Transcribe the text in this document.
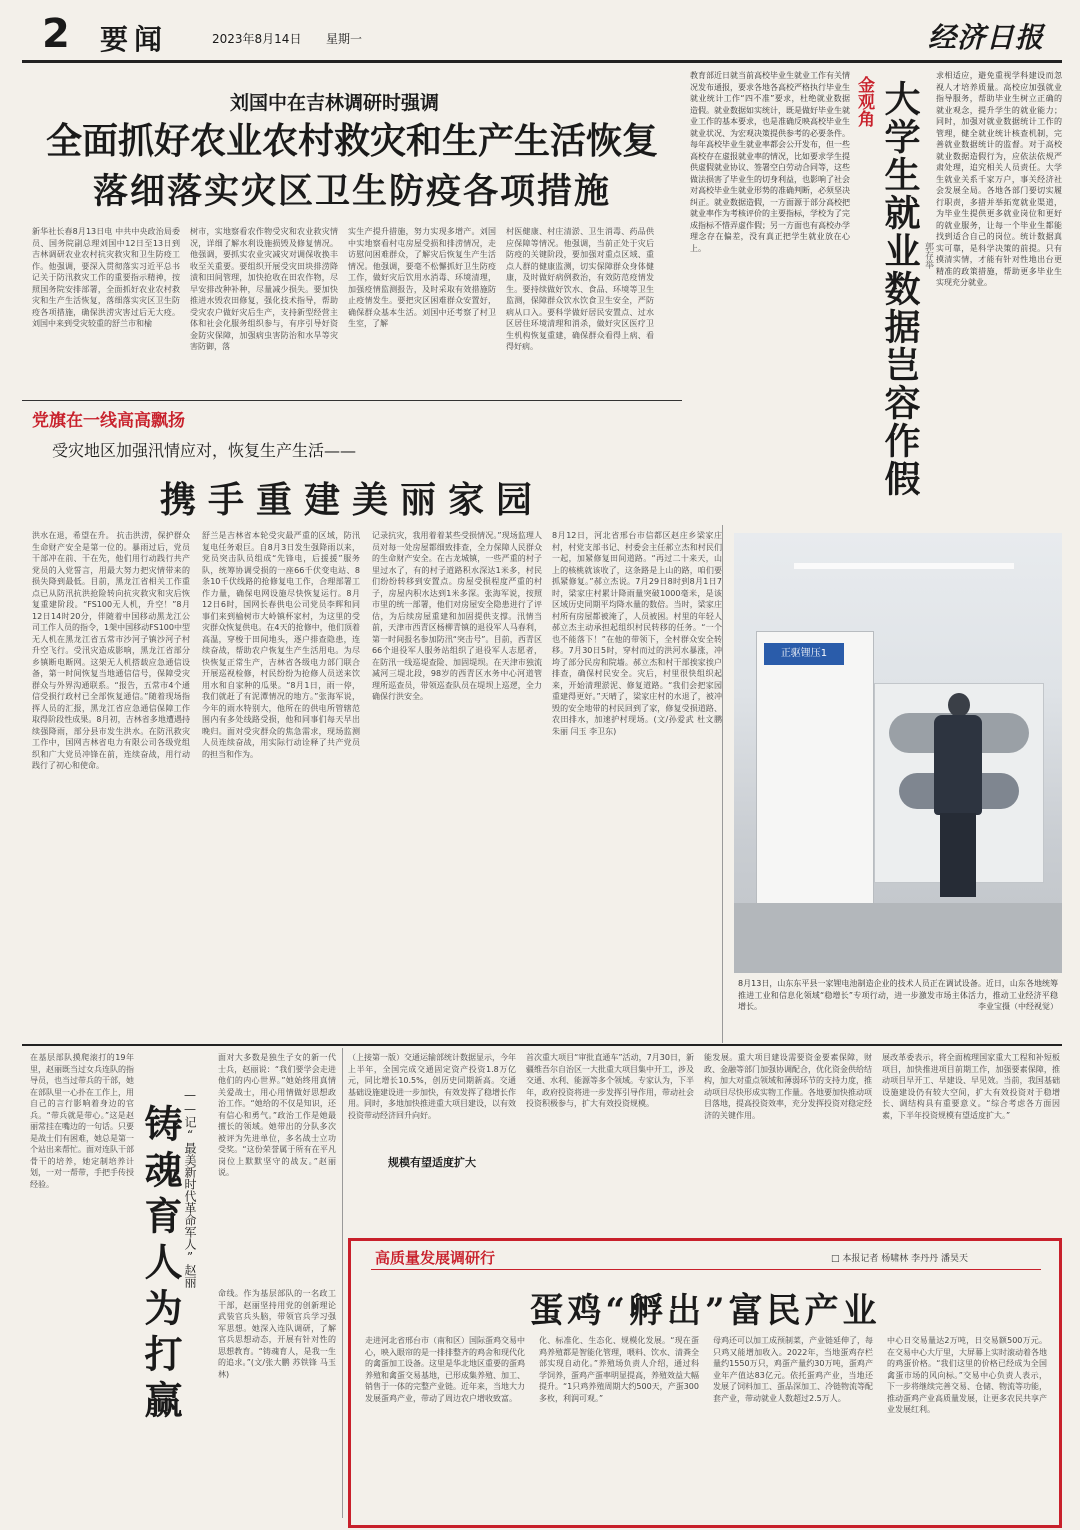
2 要闻	2023年8月14日 星期一	经济日报
刘国中在吉林调研时强调
全面抓好农业农村救灾和生产生活恢复
落细落实灾区卫生防疫各项措施
新华社长春8月13日电 中共中央政治局委员、国务院副总理刘国中12日至13日到吉林调研农业农村抗灾救灾和卫生防疫工作。他强调，要深入贯彻落实习近平总书记关于防汛救灾工作的重要指示精神，按照国务院安排部署，全面抓好农业农村救灾和生产生活恢复，落细落实灾区卫生防疫各项措施，确保洪涝灾害过后无大疫。刘国中来到受灾较重的舒兰市和榆
树市，实地察看农作物受灾和农业救灾情况，详细了解水利设施损毁及修复情况。他强调，要抓实农业灾减灾对调保收换丰收至关重要。要组织开展受灾田块排涝降渍和田间管理，加快抢收在田农作物，尽早安排改种补种，尽量减少损失。要加快推进水毁农田修复，强化技术指导，帮助受灾农户做好灾后生产，支持新型经营主体和社会化服务组织参与，有序引导好资金防灾保障，加强病虫害防治和水旱等灾害防御，落
实生产提升措施，努力实现多增产。刘国中实地察看村屯房屋受损和排涝情况，走访慰问困难群众，了解灾后恢复生产生活情况。他强调，要毫不松懈抓好卫生防疫工作，做好灾后饮用水消毒、环境清理，加强疫情监测报告，及时采取有效措施防止疫情发生。要把灾区困难群众安置好，确保群众基本生活。刘国中还考察了村卫生室，了解
村医健康、村庄清淤、卫生消毒、药品供应保障等情况。他强调，当前正处于灾后防疫的关键阶段，要加强对重点区域、重点人群的健康监测，切实保障群众身体健康，及时做好病例救治，有效防范疫情发生。要持续做好饮水、食品、环境等卫生监测，保障群众饮水饮食卫生安全，严防病从口入。要科学做好居民安置点、过水区居住环境清理和消杀，做好灾区医疗卫生机构恢复重建，确保群众看得上病、看得好病。
党旗在一线高高飘扬
受灾地区加强汛情应对，恢复生产生活——
携手重建美丽家园
洪水在退，希望在升。 抗击洪涝，保护群众生命财产安全是第一位的。暴雨过后，党员干部冲在前、干在先，他们用行动践行共产党员的入党誓言，用最大努力把灾情带来的损失降到最低。目前，黑龙江省相关工作重点已从防汛抗洪抢险转向抗灾救灾和灾后恢复重建阶段。“FS100无人机，升空！”8月12日14时20分，伴随着中国移动黑龙江公司工作人员的指令，1架中国移动FS100中型无人机在黑龙江省五常市沙河子镇沙河子村升空飞行。受汛灾造成影响，黑龙江省部分乡镇断电断网。这架无人机搭载应急通信设备，第一时间恢复当地通信信号，保障受灾群众与外界沟通联系。“报告，五常市4个通信受损行政村已全部恢复通信。”随着现场指挥人员的汇报，黑龙江省应急通信保障工作取得阶段性成果。8月初，吉林省多地遭遇持续强降雨，部分县市发生洪水。在防汛救灾工作中，国网吉林省电力有限公司各级党组织和广大党员冲锋在前，连续奋战，用行动践行了初心和使命。
舒兰是吉林省本轮受灾最严重的区域，防汛复电任务艰巨。自8月3日发生强降雨以来，党员突击队员组成“先锋电，后援援”服务队，统筹协调受损的一座66千伏变电站、8条10千伏线路的抢修复电工作，合理部署工作力量，确保电网设施尽快恢复运行。8月12日6时，国网长春供电公司党员李辉和同事们来到榆树市大岭镇杯家村，为这里的受灾群众恢复供电。在4天的抢修中，他们顶着高温，穿梭于田间地头，逐户排查隐患，连续奋战，帮助农户恢复生产生活用电。为尽快恢复正常生产，吉林省各级电力部门联合开展巡视检修，村民纷纷为抢修人员送来饮用水和自家种的瓜果。“8月1日，雨一停，我们就赶了有泥潭情况的地方。”张海军说，今年的雨水特别大，他所在的供电所管辖范围内有多处线路受损，他和同事们每天早出晚归。面对受灾群众的焦急需求，现场监测人员连续奋战，用实际行动诠释了共产党员的担当和作为。
记录抗灾，我用着着某些受损情况。”现场监理人员对每一处房屋都细致排查，全力保障人民群众的生命财产安全。在古龙城镇，一些严重的村子里过水了，有的村子道路积水深达1米多，村民们纷纷转移到安置点。房屋受损程度严重的村子，房屋内积水达到1米多深。张海军说，按照市里的统一部署，他们对房屋安全隐患进行了评估，为后续房屋重建和加固提供支撑。汛情当前，天津市西青区杨柳青镇的退役军人马春利，第一时间报名参加防汛“突击号”。目前，西青区66个退役军人服务站组织了退役军人志愿者，在防汛一线巡堤查险、加固堤坝。在天津市独流减河三堤北段，98岁的西青区水务中心河道管理所巡查员，带领巡查队员在堤坝上巡逻，全力确保行洪安全。
8月12日，河北省邢台市信都区赵庄乡梁家庄村，村党支部书记、村委会主任郝立杰和村民们一起，加紧修复田间道路。“再过二十来天，山上的核桃就该收了，这条路是上山的路，咱们要抓紧修复。”郝立杰说。7月29日8时到8月1日7时，梁家庄村累计降雨量突破1000毫米，是该区域历史同期平均降水量的数倍。当时，梁家庄村所有房屋都被淹了，人员被困。村里的年轻人郝立杰主动承担起组织村民转移的任务。“一个也不能落下！”在他的带领下，全村群众安全转移。7月30日5时，穿村而过的洪河水暴涨，冲垮了部分民房和院墙。郝立杰和村干部挨家挨户排查，确保村民安全。灾后，村里很快组织起来，开始清理淤泥、修复道路。“我们会把家园重建得更好。”天晴了，梁家庄村的水退了，被冲毁的安全地带的村民回到了家，修复受损道路、农田排水，加速护村现场。(文/孙爱武 杜文鹏 朱丽 闫玉 李卫东)
金观角 大学生就业数据岂容作假 郭存举
教育部近日就当前高校毕业生就业工作有关情况发布通报，要求各地各高校严格执行毕业生就业统计工作“四不准”要求，杜绝就业数据造假。就业数据如实统计，既是做好毕业生就业工作的基本要求，也是准确反映高校毕业生就业状况、为宏观决策提供参考的必要条件。每年高校毕业生就业率都会公开发布，但一些高校存在虚报就业率的情况，比如要求学生提供虚假就业协议、签署空白劳动合同等，这些做法损害了毕业生的切身利益，也影响了社会对高校毕业生就业形势的准确判断，必须坚决纠正。就业数据造假，一方面源于部分高校把就业率作为考核评价的主要指标，学校为了完成指标不惜弄虚作假；另一方面也有高校办学理念存在偏差，没有真正把学生就业放在心上。
求相适应，避免重视学科建设而忽视人才培养质量。高校应加强就业指导服务，帮助毕业生树立正确的就业观念，提升学生的就业能力；同时，加强对就业数据统计工作的管理，健全就业统计核查机制，完善就业数据统计的监督。对于高校就业数据造假行为，应依法依规严肃处理，追究相关人员责任。大学生就业关系千家万户，事关经济社会发展全局。各地各部门要切实履行职责，多措并举拓宽就业渠道，为毕业生提供更多就业岗位和更好的就业服务，让每一个毕业生都能找到适合自己的岗位。统计数据真实可靠，是科学决策的前提。只有摸清实情，才能有针对性地出台更精准的政策措施，帮助更多毕业生实现充分就业。
正驱锂压1
8月13日，山东东平县一家锂电池制造企业的技术人员正在调试设备。近日，山东各地统筹推进工业和信息化领域“稳增长”专项行动，进一步激发市场主体活力，推动工业经济平稳增长。	李业宝摄（中经视觉）
在基层部队摸爬滚打的19年里，赵丽既当过女兵连队的指导员，也当过带兵的干部，她在部队里一心扑在工作上，用自己的言行影响着身边的官兵。“带兵就是带心。”这是赵丽常挂在嘴边的一句话。只要是战士们有困难，她总是第一个站出来帮忙。面对连队干部骨干的培养，她定制培养计划，一对一帮带，手把手传授经验。	铸魂育人为打赢 ——记“最美新时代革命军人”赵丽
面对大多数是独生子女的新一代士兵，赵丽说：“我们要学会走进他们的内心世界。”她始终用真情关爱战士，用心用情做好思想政治工作。“她给的不仅是知识，还有信心和勇气。”政治工作是她最擅长的领域。她带出的分队多次被评为先进单位，多名战士立功受奖。“这份荣誉属于所有在平凡岗位上默默坚守的战友。”赵丽说。
命线。作为基层部队的一名政工干部，赵丽坚持用党的创新理论武装官兵头脑，带领官兵学习强军思想。她深入连队调研，了解官兵思想动态，开展有针对性的思想教育。“铸魂育人，是我一生的追求。”(文/张大鹏 苏铁锋 马玉林)
（上接第一版）交通运输部统计数据显示，今年上半年，全国完成交通固定资产投资1.8万亿元，同比增长10.5%，创历史同期新高。交通基础设施建设进一步加快，有效发挥了稳增长作用。同时，多地加快推进重大项目建设，以有效投资带动经济回升向好。
规模有望适度扩大
首次重大项目“审批直通车”活动，7月30日，新疆维吾尔自治区一大批重大项目集中开工，涉及交通、水利、能源等多个领域。专家认为，下半年，政府投资将进一步发挥引导作用，带动社会投资积极参与，扩大有效投资规模。
能发展。重大项目建设需要资金要素保障，财政、金融等部门加强协调配合，优化资金供给结构，加大对重点领域和薄弱环节的支持力度，推动项目尽快形成实物工作量。各地要加快推动项目落地，提高投资效率，充分发挥投资对稳定经济的关键作用。
展改革委表示，将全面梳理国家重大工程和补短板项目，加快推进项目前期工作，加强要素保障，推动项目早开工、早建设、早见效。当前，我国基础设施建设仍有较大空间，扩大有效投资对于稳增长、调结构具有重要意义。“综合考虑各方面因素，下半年投资规模有望适度扩大。”
高质量发展调研行	□ 本报记者 杨啸林 李丹丹 潘昊天
蛋鸡“孵出”富民产业
走进河北省邢台市（南和区）国际蛋鸡交易中心，映入眼帘的是一排排整齐的鸡舍和现代化的禽蛋加工设备。这里是华北地区重要的蛋鸡养殖和禽蛋交易基地，已形成集养殖、加工、销售于一体的完整产业链。近年来，当地大力发展蛋鸡产业，带动了周边农户增收致富。
化、标准化、生态化、规模化发展。“现在蛋鸡养殖都是智能化管理，喂料、饮水、清粪全部实现自动化。”养殖场负责人介绍，通过科学饲养，蛋鸡产蛋率明显提高，养殖效益大幅提升。“1只鸡养殖周期大约500天，产蛋300多枚，利润可观。”
母鸡还可以加工成预制菜，产业链延伸了，每只鸡又能增加收入。2022年，当地蛋鸡存栏量约1550万只，鸡蛋产量约30万吨，蛋鸡产业年产值达83亿元。依托蛋鸡产业，当地还发展了饲料加工、蛋品深加工、冷链物流等配套产业，带动就业人数超过2.5万人。
中心日交易量达2万吨，日交易额500万元。在交易中心大厅里，大屏幕上实时滚动着各地的鸡蛋价格。“我们这里的价格已经成为全国禽蛋市场的风向标。”交易中心负责人表示，下一步将继续完善交易、仓储、物流等功能，推动蛋鸡产业高质量发展，让更多农民共享产业发展红利。
